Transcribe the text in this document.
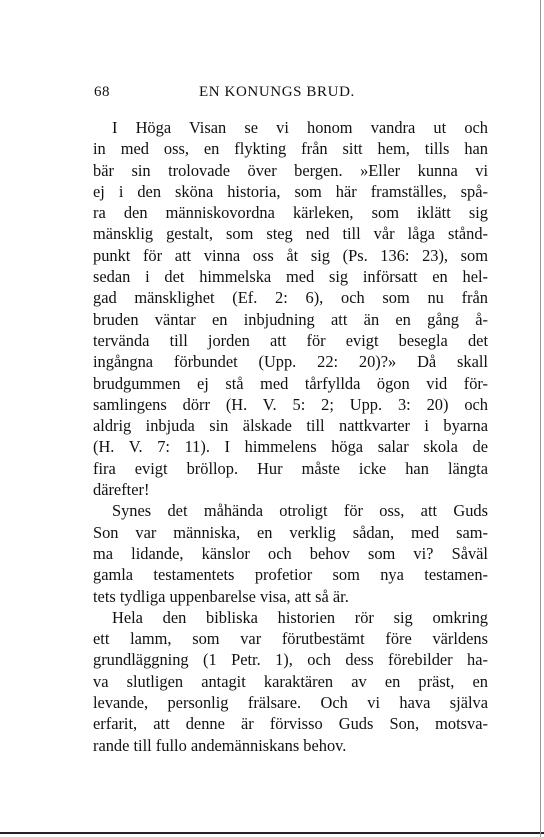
68	EN KONUNGS BRUD.
I Höga Visan se vi honom vandra ut och
in med oss, en flykting från sitt hem, tills han
bär sin trolovade över bergen. »Eller kunna vi
ej i den sköna historia, som här framställes, spå-
ra den människovordna kärleken, som iklätt sig
mänsklig gestalt, som steg ned till vår låga stånd-
punkt för att vinna oss åt sig (Ps. 136: 23), som
sedan i det himmelska med sig införsatt en hel-
gad mänsklighet (Ef. 2: 6), och som nu från
bruden väntar en inbjudning att än en gång å-
tervända till jorden att för evigt besegla det
ingångna förbundet (Upp. 22: 20)?» Då skall
brudgummen ej stå med tårfyllda ögon vid för-
samlingens dörr (H. V. 5: 2; Upp. 3: 20) och
aldrig inbjuda sin älskade till nattkvarter i byarna
(H. V. 7: 11). I himmelens höga salar skola de
fira evigt bröllop. Hur måste icke han längta
därefter!
Synes det måhända otroligt för oss, att Guds
Son var människa, en verklig sådan, med sam-
ma lidande, känslor och behov som vi? Såväl
gamla testamentets profetior som nya testamen-
tets tydliga uppenbarelse visa, att så är.
Hela den bibliska historien rör sig omkring
ett lamm, som var förutbestämt före världens
grundläggning (1 Petr. 1), och dess förebilder ha-
va slutligen antagit karaktären av en präst, en
levande, personlig frälsare. Och vi hava själva
erfarit, att denne är förvisso Guds Son, motsva-
rande till fullo andemänniskans behov.
